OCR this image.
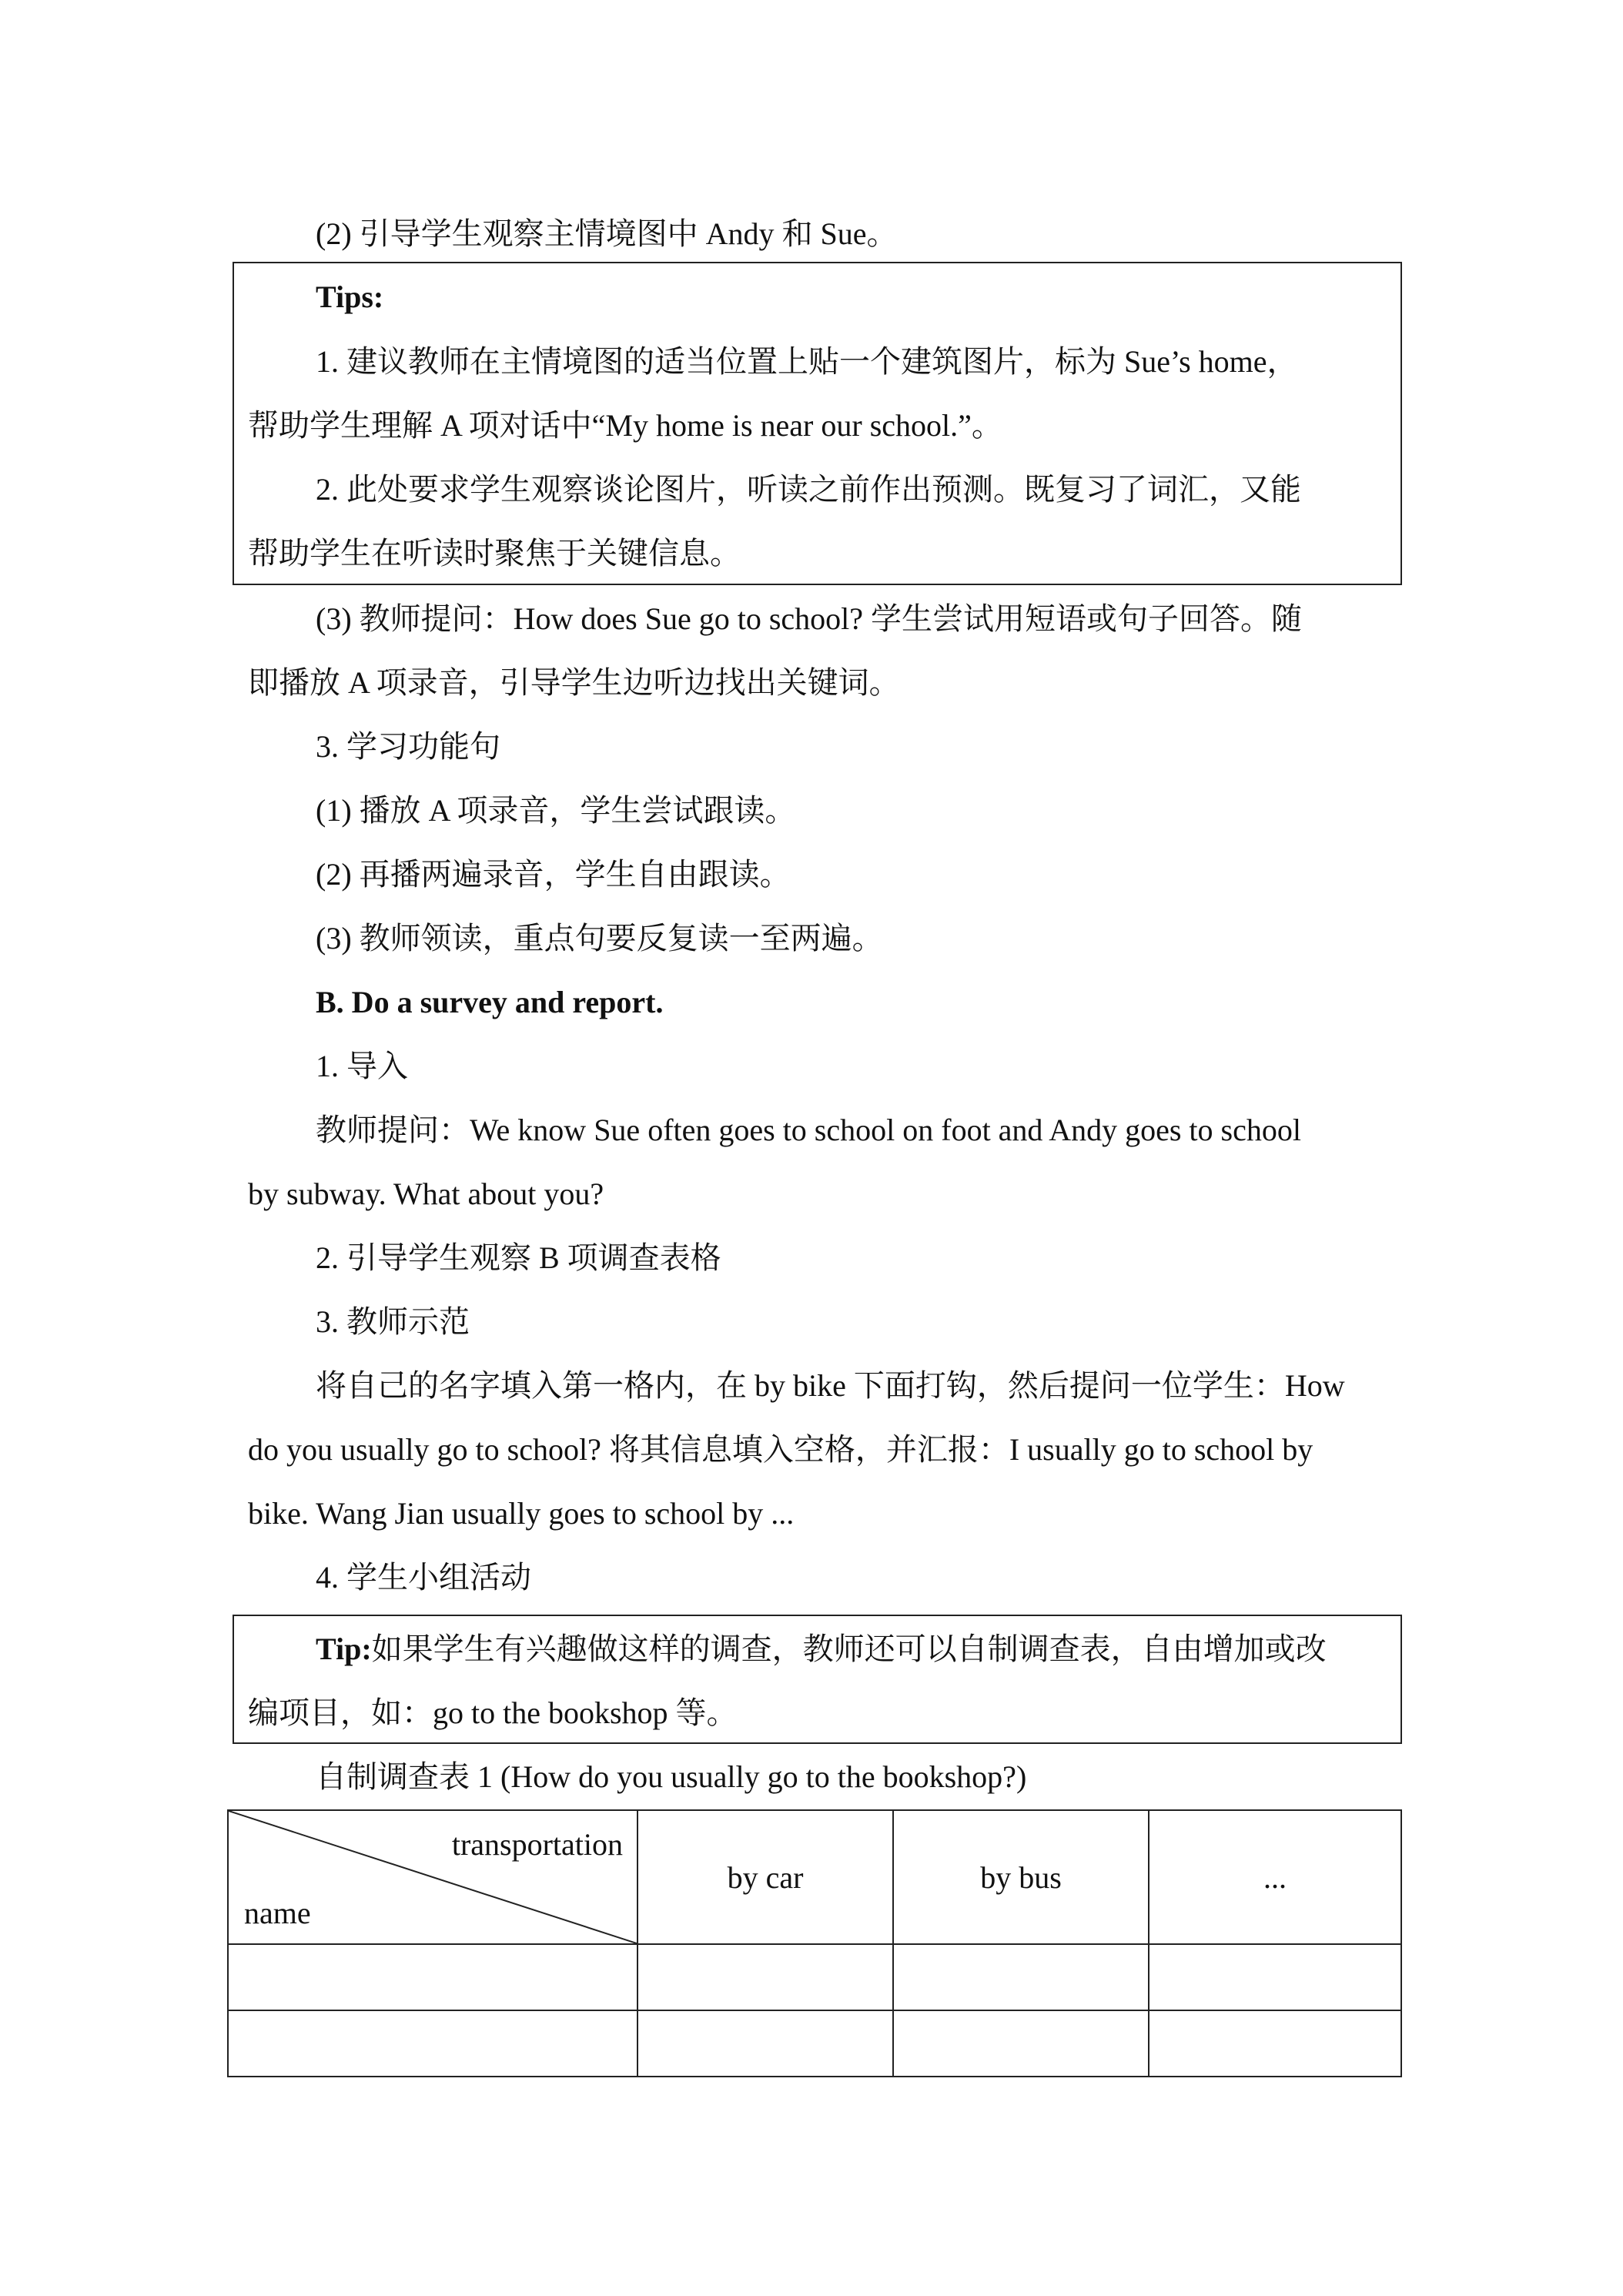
(2) 引导学生观察主情境图中 Andy 和 Sue。
Tips:
1. 建议教师在主情境图的适当位置上贴一个建筑图片，标为 Sue’s home，
帮助学生理解 A 项对话中“My home is near our school.”。
2. 此处要求学生观察谈论图片，听读之前作出预测。既复习了词汇，又能
帮助学生在听读时聚焦于关键信息。
(3) 教师提问：How does Sue go to school? 学生尝试用短语或句子回答。随
即播放 A 项录音，引导学生边听边找出关键词。
3. 学习功能句
(1) 播放 A 项录音，学生尝试跟读。
(2) 再播两遍录音，学生自由跟读。
(3) 教师领读，重点句要反复读一至两遍。
B. Do a survey and report.
1. 导入
教师提问：We know Sue often goes to school on foot and Andy goes to school
by subway. What about you?
2. 引导学生观察 B 项调查表格
3. 教师示范
将自己的名字填入第一格内，在 by bike 下面打钩，然后提问一位学生：How
do you usually go to school? 将其信息填入空格，并汇报：I usually go to school by
bike. Wang Jian usually goes to school by ...
4. 学生小组活动
Tip:如果学生有兴趣做这样的调查，教师还可以自制调查表，自由增加或改
编项目，如：go to the bookshop 等。
自制调查表 1 (How do you usually go to the bookshop?)
transportation
name	by car	by bus	...
